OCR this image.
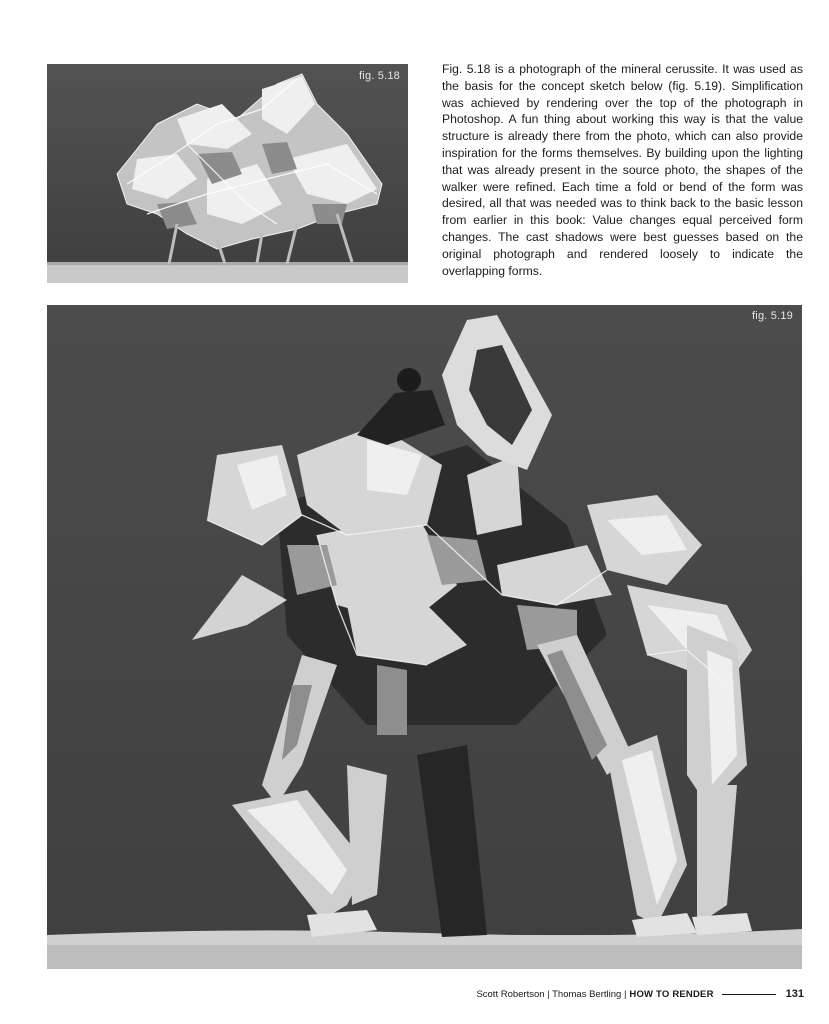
fig. 5.18	Fig. 5.18 is a photograph of the mineral cerussite. It was used as the basis for the concept sketch below (fig. 5.19). Simplification was achieved by rendering over the top of the photograph in Photoshop. A fun thing about working this way is that the value structure is already there from the photo, which can also provide inspiration for the forms themselves. By building upon the lighting that was already present in the source photo, the shapes of the walker were refined. Each time a fold or bend of the form was desired, all that was needed was to think back to the basic lesson from earlier in this book: Value changes equal perceived form changes. The cast shadows were best guesses based on the original photograph and rendered loosely to indicate the overlapping forms.

fig. 5.19
Scott Robertson | Thomas Bertling | HOW TO RENDER	131
